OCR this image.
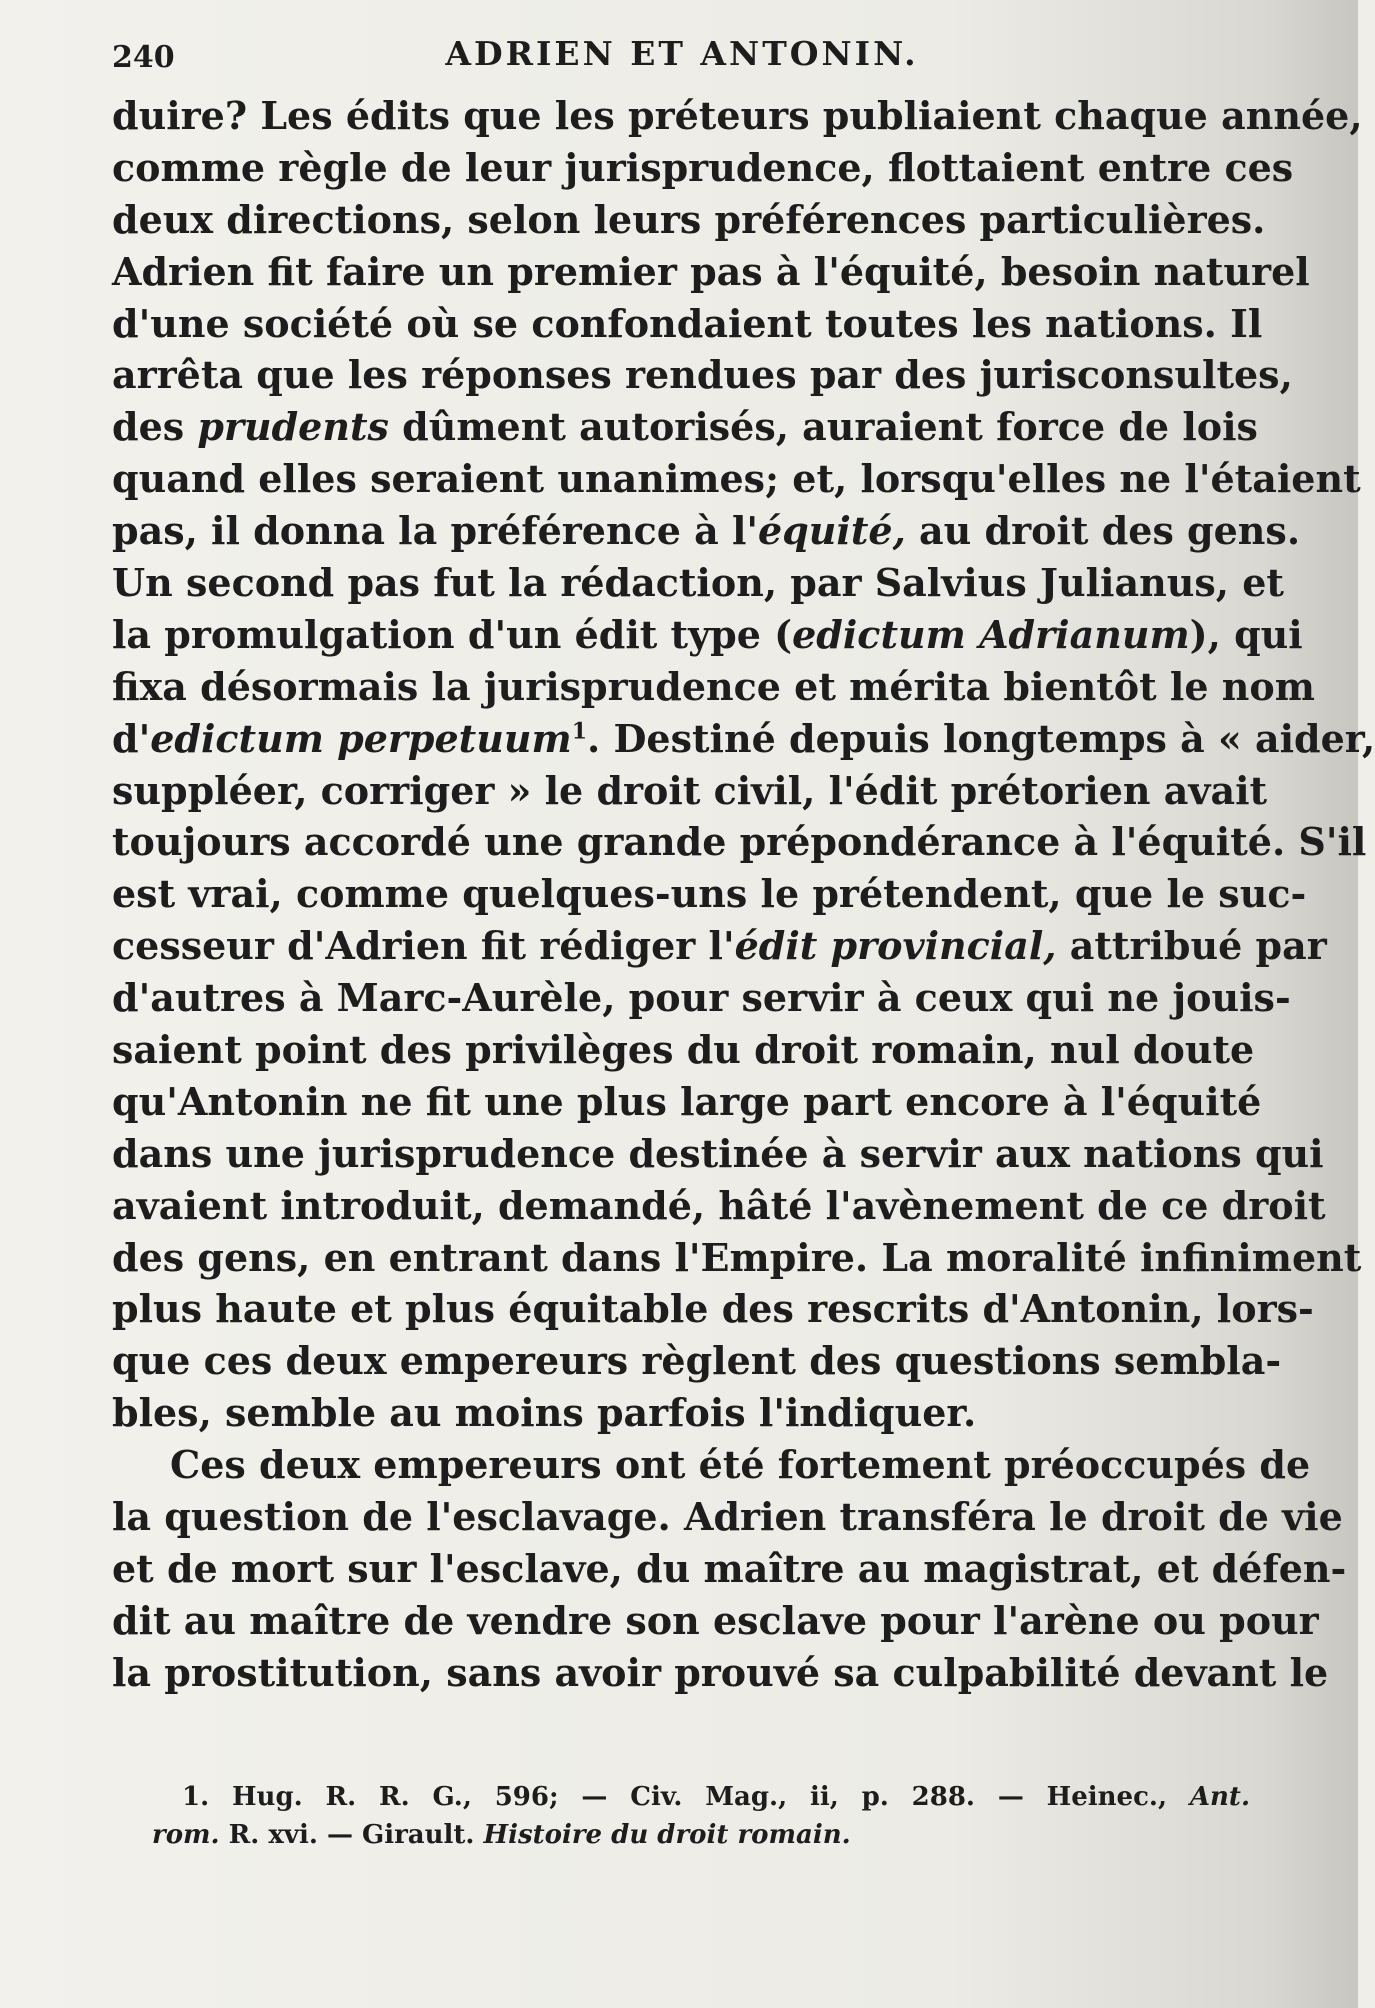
240	ADRIEN ET ANTONIN.
duire? Les édits que les préteurs publiaient chaque année,
comme règle de leur jurisprudence, flottaient entre ces
deux directions, selon leurs préférences particulières.
Adrien fit faire un premier pas à l'équité, besoin naturel
d'une société où se confondaient toutes les nations. Il
arrêta que les réponses rendues par des jurisconsultes,
des prudents dûment autorisés, auraient force de lois
quand elles seraient unanimes; et, lorsqu'elles ne l'étaient
pas, il donna la préférence à l'équité, au droit des gens.
Un second pas fut la rédaction, par Salvius Julianus, et
la promulgation d'un édit type (edictum Adrianum), qui
fixa désormais la jurisprudence et mérita bientôt le nom
d'edictum perpetuum$^1$. Destiné depuis longtemps à « aider,
suppléer, corriger » le droit civil, l'édit prétorien avait
toujours accordé une grande prépondérance à l'équité. S'il
est vrai, comme quelques-uns le prétendent, que le suc-
cesseur d'Adrien fit rédiger l'édit provincial, attribué par
d'autres à Marc-Aurèle, pour servir à ceux qui ne jouis-
saient point des privilèges du droit romain, nul doute
qu'Antonin ne fit une plus large part encore à l'équité
dans une jurisprudence destinée à servir aux nations qui
avaient introduit, demandé, hâté l'avènement de ce droit
des gens, en entrant dans l'Empire. La moralité infiniment
plus haute et plus équitable des rescrits d'Antonin, lors-
que ces deux empereurs règlent des questions sembla-
bles, semble au moins parfois l'indiquer.
Ces deux empereurs ont été fortement préoccupés de
la question de l'esclavage. Adrien transféra le droit de vie
et de mort sur l'esclave, du maître au magistrat, et défen-
dit au maître de vendre son esclave pour l'arène ou pour
la prostitution, sans avoir prouvé sa culpabilité devant le
1. Hug. R. R. G., 596; — Civ. Mag., ii, p. 288. — Heinec., Ant.
rom. R. xvi. — Girault. Histoire du droit romain.
